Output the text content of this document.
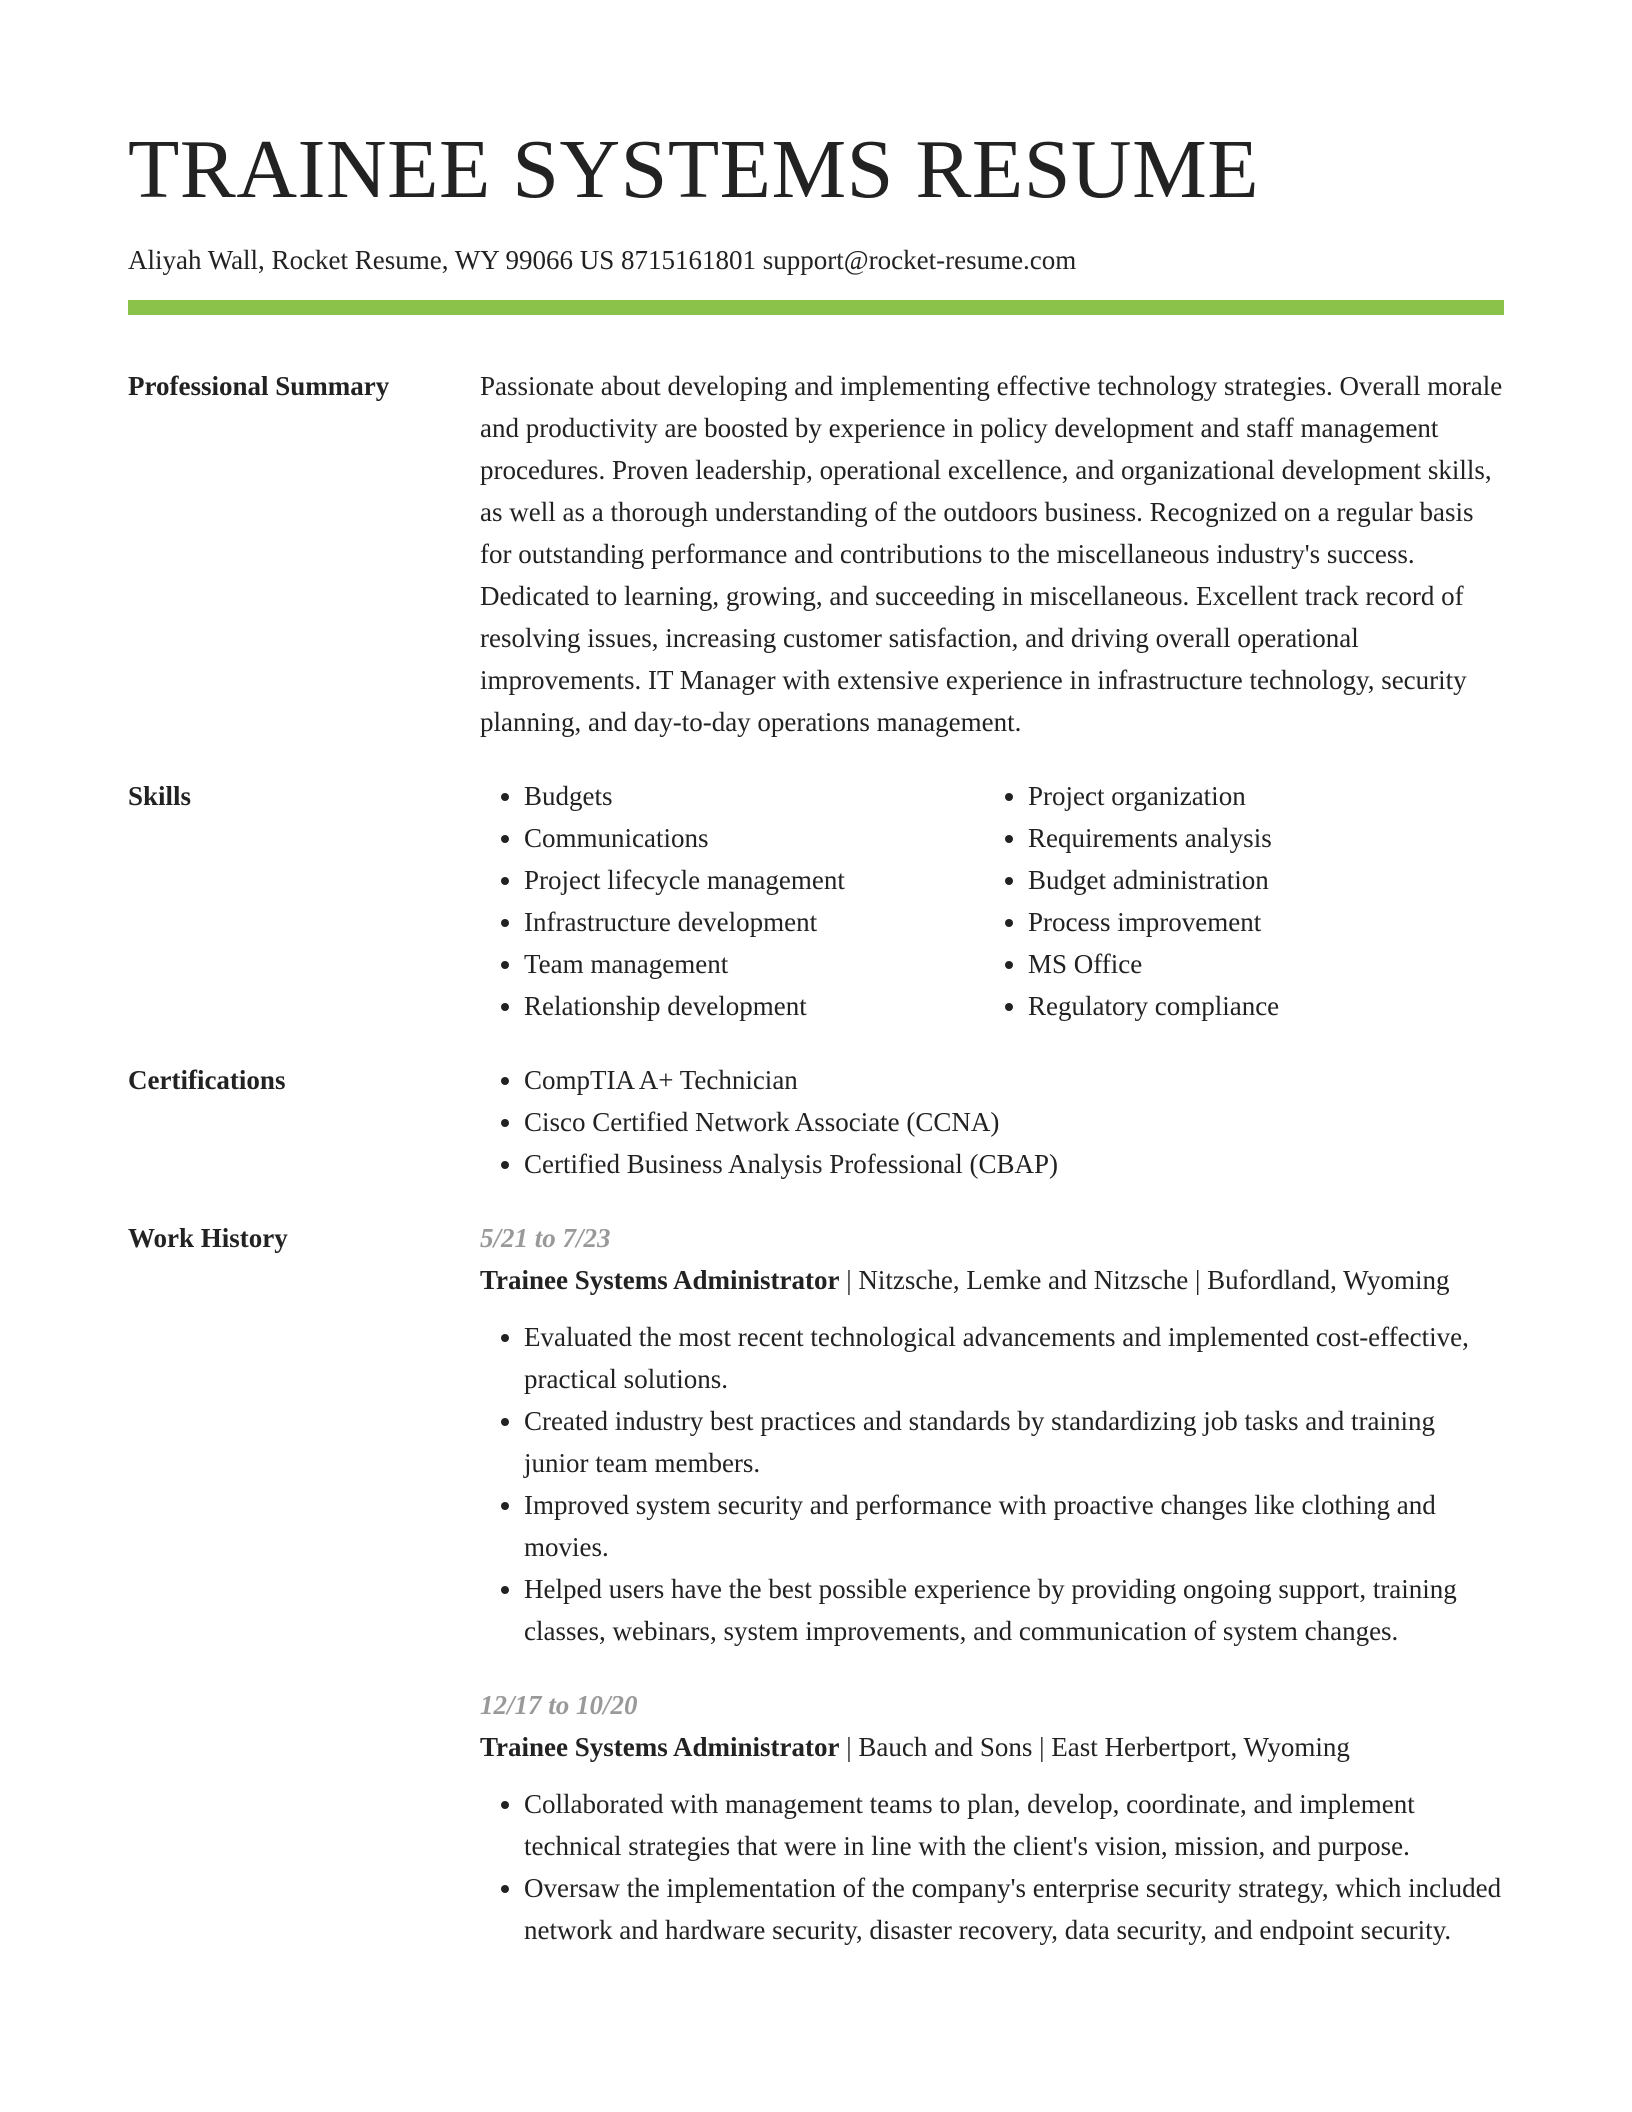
TRAINEE SYSTEMS RESUME
Aliyah Wall, Rocket Resume, WY 99066 US 8715161801 support@rocket-resume.com
Professional Summary	Passionate about developing and implementing effective technology strategies. Overall morale and productivity are boosted by experience in policy development and staff management procedures. Proven leadership, operational excellence, and organizational development skills, as well as a thorough understanding of the outdoors business. Recognized on a regular basis for outstanding performance and contributions to the miscellaneous industry's success. Dedicated to learning, growing, and succeeding in miscellaneous. Excellent track record of resolving issues, increasing customer satisfaction, and driving overall operational improvements. IT Manager with extensive experience in infrastructure technology, security planning, and day-to-day operations management.
Skills	• Budgets
• Communications
• Project lifecycle management
• Infrastructure development
• Team management
• Relationship development
• Project organization
• Requirements analysis
• Budget administration
• Process improvement
• MS Office
• Regulatory compliance
Certifications	• CompTIA A+ Technician
• Cisco Certified Network Associate (CCNA)
• Certified Business Analysis Professional (CBAP)
Work History	5/21 to 7/23
Trainee Systems Administrator | Nitzsche, Lemke and Nitzsche | Bufordland, Wyoming
• Evaluated the most recent technological advancements and implemented cost-effective, practical solutions.
• Created industry best practices and standards by standardizing job tasks and training junior team members.
• Improved system security and performance with proactive changes like clothing and movies.
• Helped users have the best possible experience by providing ongoing support, training classes, webinars, system improvements, and communication of system changes.
12/17 to 10/20
Trainee Systems Administrator | Bauch and Sons | East Herbertport, Wyoming
• Collaborated with management teams to plan, develop, coordinate, and implement technical strategies that were in line with the client's vision, mission, and purpose.
• Oversaw the implementation of the company's enterprise security strategy, which included network and hardware security, disaster recovery, data security, and endpoint security.
